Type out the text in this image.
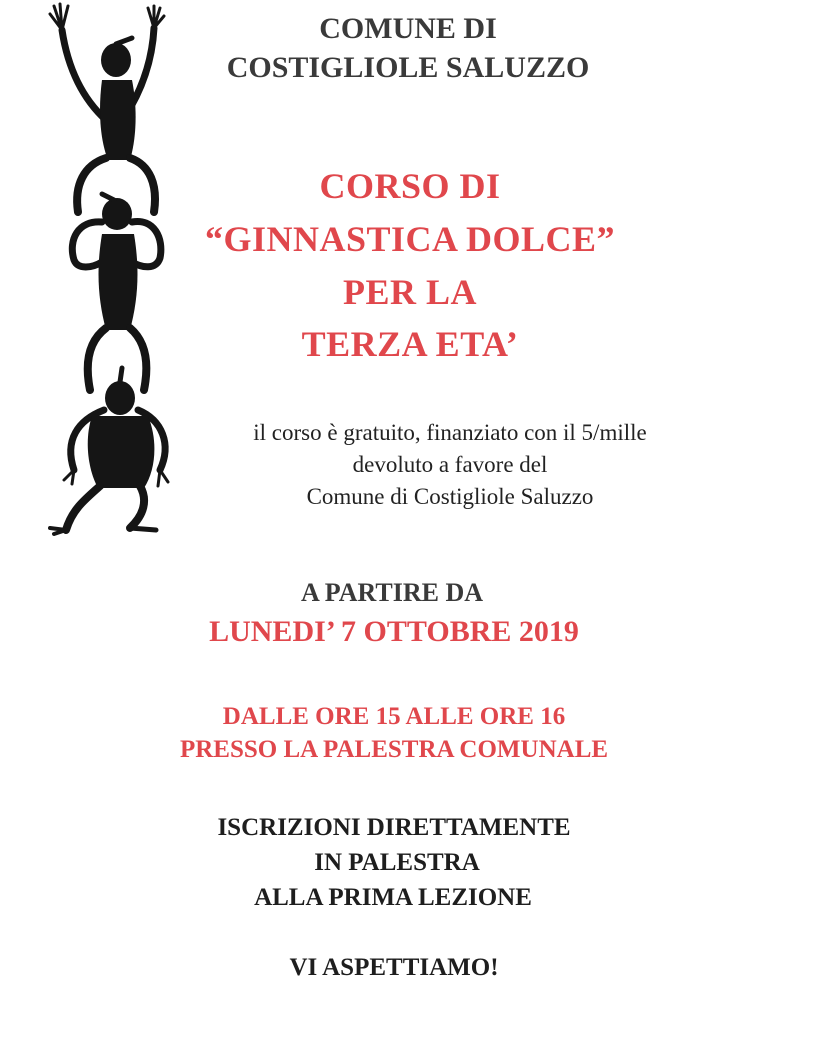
COMUNE DI
COSTIGLIOLE SALUZZO
CORSO DI
“GINNASTICA DOLCE”
PER LA
TERZA ETA’
il corso è gratuito, finanziato con il 5/mille
devoluto a favore del
Comune di Costigliole Saluzzo
A PARTIRE DA
LUNEDI’ 7 OTTOBRE 2019
DALLE ORE 15 ALLE ORE 16
PRESSO LA PALESTRA COMUNALE
ISCRIZIONI DIRETTAMENTE
IN PALESTRA
ALLA PRIMA LEZIONE
VI ASPETTIAMO!
